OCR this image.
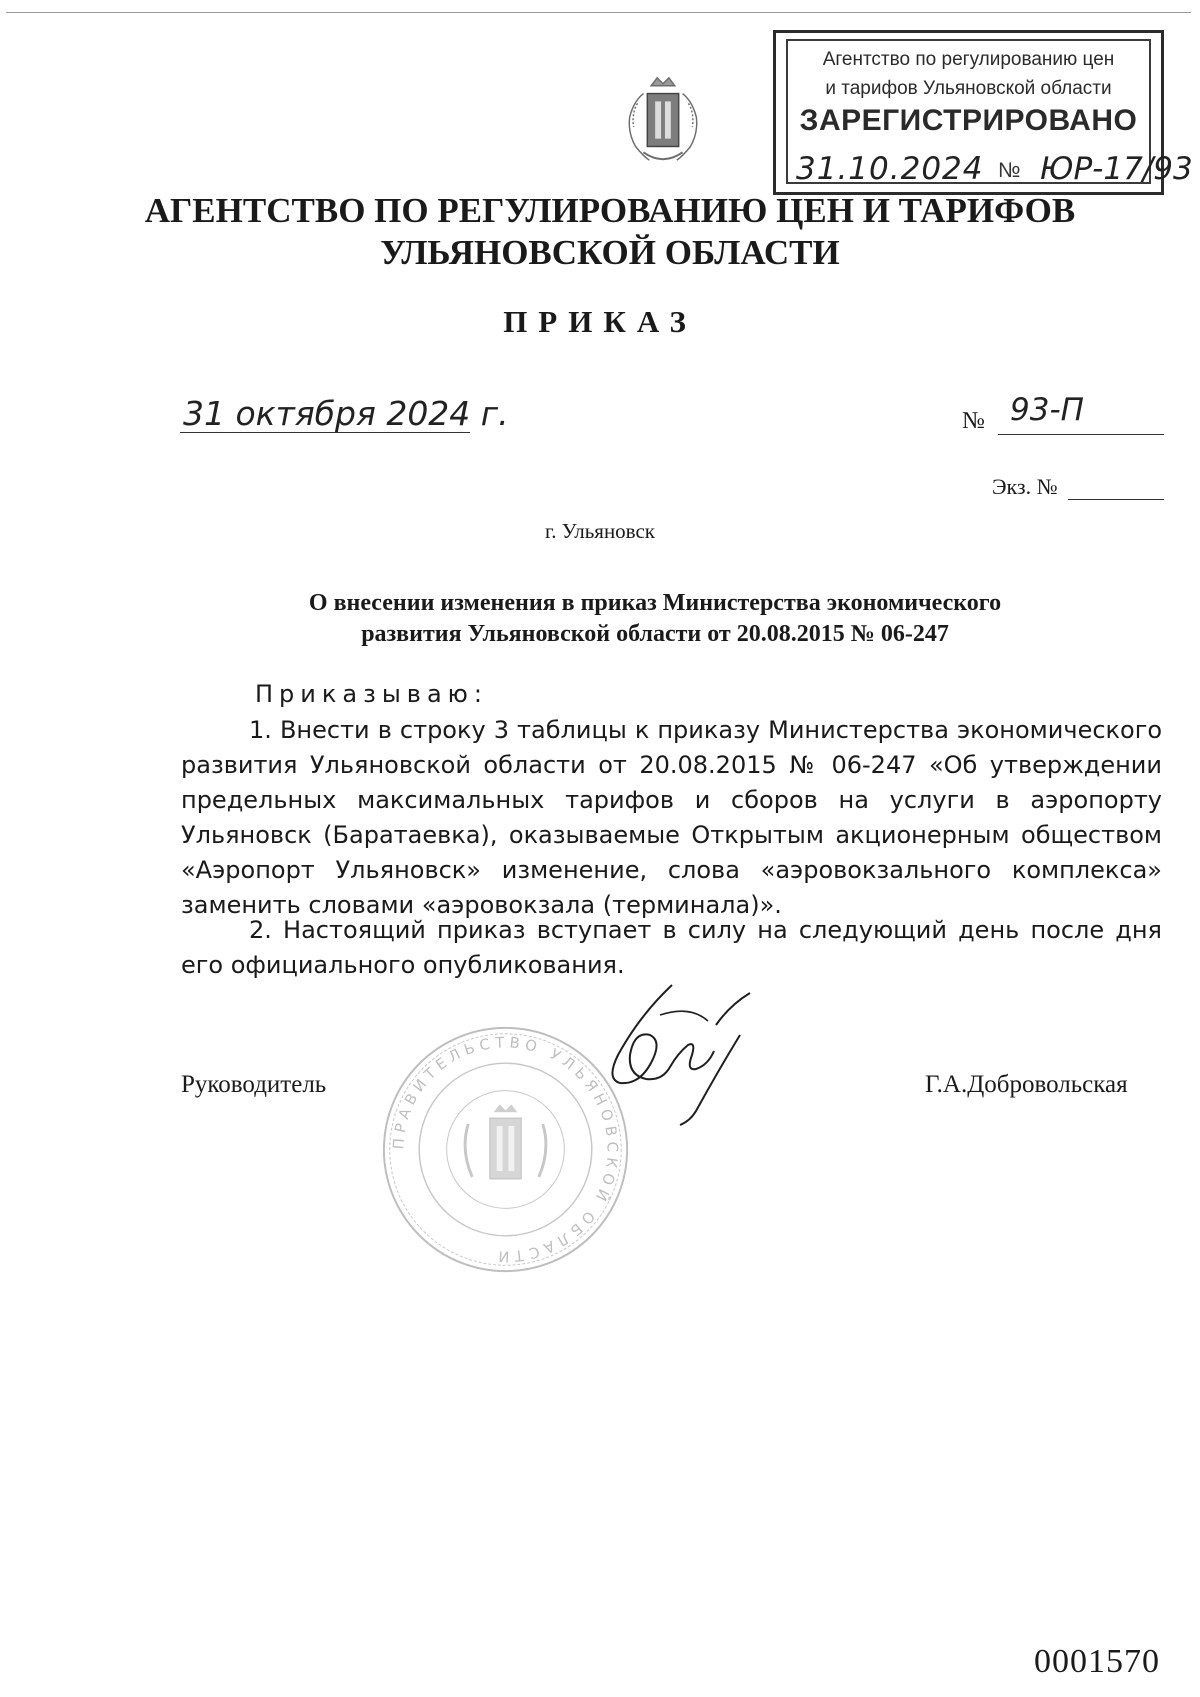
Агентство по регулированию цен
и тарифов Ульяновской области
ЗАРЕГИСТРИРОВАНО
31.10.2024 № ЮР-17/93
АГЕНТСТВО ПО РЕГУЛИРОВАНИЮ ЦЕН И ТАРИФОВ
УЛЬЯНОВСКОЙ ОБЛАСТИ
ПРИКАЗ
31 октября 2024 г.	№ 93-П
Экз. №
г. Ульяновск
О внесении изменения в приказ Министерства экономического
развития Ульяновской области от 20.08.2015 № 06-247
Приказываю:
1. Внести в строку 3 таблицы к приказу Министерства экономического развития Ульяновской области от 20.08.2015 № 06-247 «Об утверждении предельных максимальных тарифов и сборов на услуги в аэропорту Ульяновск (Баратаевка), оказываемые Открытым акционерным обществом «Аэропорт Ульяновск» изменение, слова «аэровокзального комплекса» заменить словами «аэровокзала (терминала)».
2. Настоящий приказ вступает в силу на следующий день после дня его официального опубликования.
ПРАВИТЕЛЬСТВО УЛЬЯНОВСКОЙ ОБЛАСТИ
Руководитель	Г.А.Добровольская
0001570
